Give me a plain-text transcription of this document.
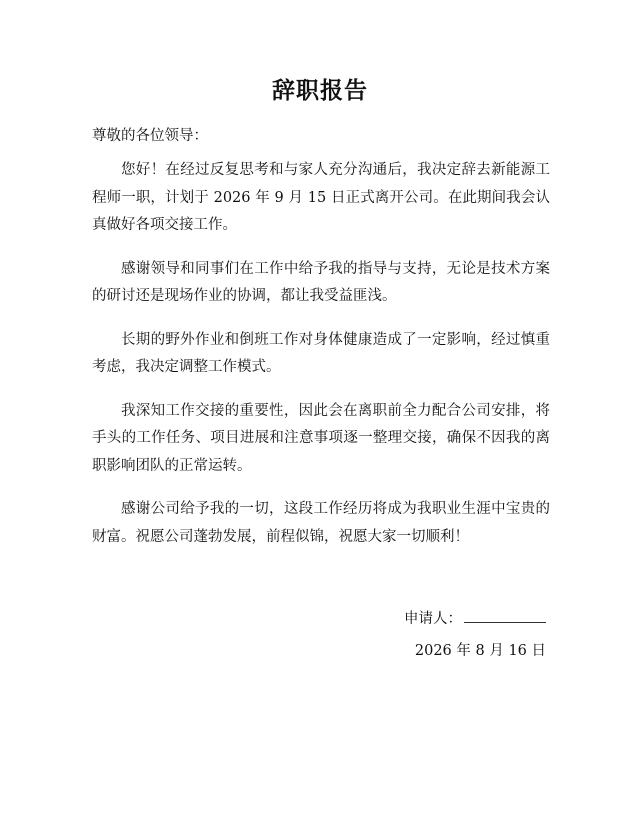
辞职报告
尊敬的各位领导：

您好！在经过反复思考和与家人充分沟通后，我决定辞去新能源工程师一职，计划于 2026 年 9 月 15 日正式离开公司。在此期间我会认真做好各项交接工作。

感谢领导和同事们在工作中给予我的指导与支持，无论是技术方案的研讨还是现场作业的协调，都让我受益匪浅。

长期的野外作业和倒班工作对身体健康造成了一定影响，经过慎重考虑，我决定调整工作模式。

我深知工作交接的重要性，因此会在离职前全力配合公司安排，将手头的工作任务、项目进展和注意事项逐一整理交接，确保不因我的离职影响团队的正常运转。

感谢公司给予我的一切，这段工作经历将成为我职业生涯中宝贵的财富。祝愿公司蓬勃发展，前程似锦，祝愿大家一切顺利！

申请人：
2026 年 8 月 16 日
